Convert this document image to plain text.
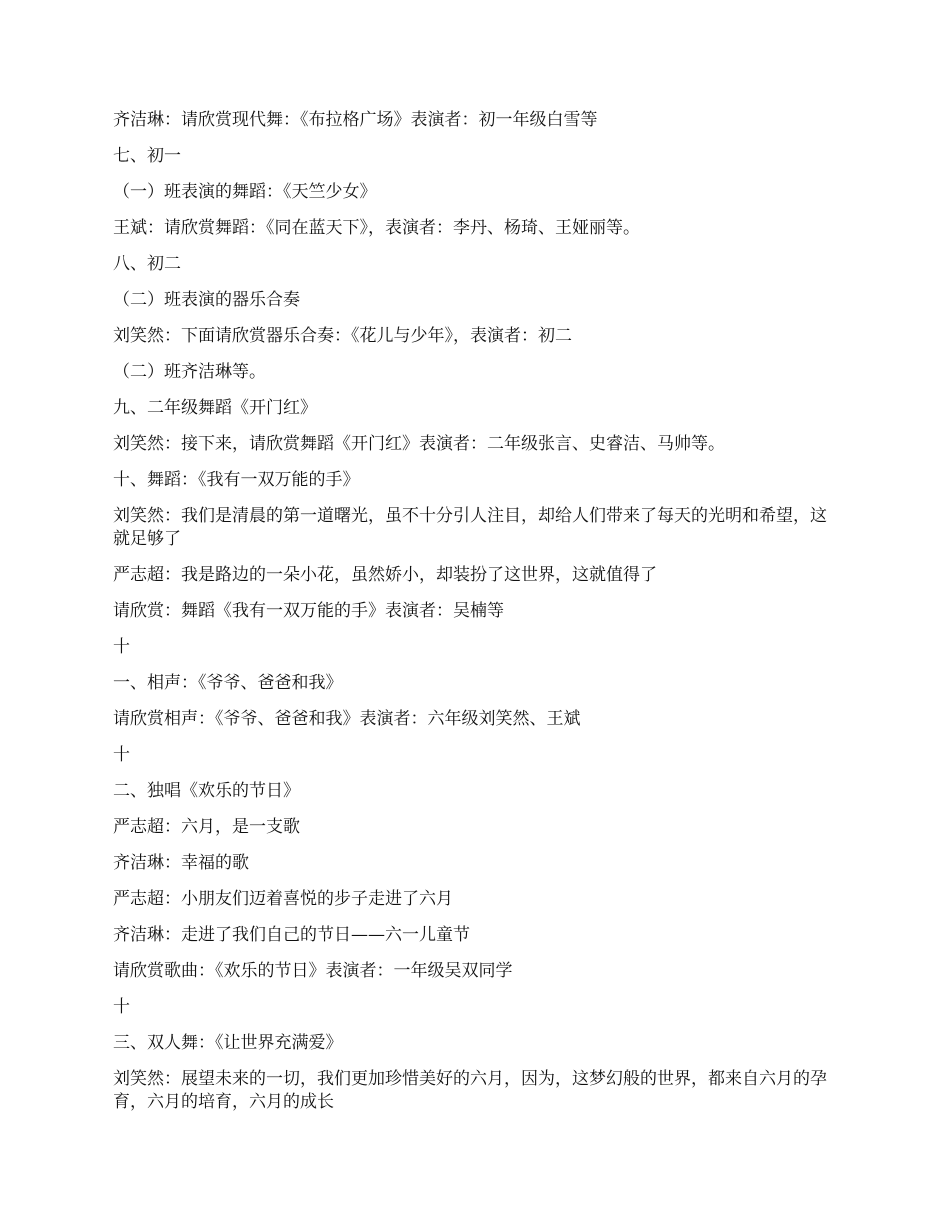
齐洁琳：请欣赏现代舞：《布拉格广场》表演者：初一年级白雪等

七、初一

（一）班表演的舞蹈：《天竺少女》

王斌：请欣赏舞蹈：《同在蓝天下》，表演者：李丹、杨琦、王娅丽等。

八、初二

（二）班表演的器乐合奏

刘笑然：下面请欣赏器乐合奏：《花儿与少年》，表演者：初二

（二）班齐洁琳等。

九、二年级舞蹈《开门红》

刘笑然：接下来，请欣赏舞蹈《开门红》表演者：二年级张言、史睿洁、马帅等。

十、舞蹈：《我有一双万能的手》

刘笑然：我们是清晨的第一道曙光，虽不十分引人注目，却给人们带来了每天的光明和希望，这就足够了

严志超：我是路边的一朵小花，虽然娇小，却装扮了这世界，这就值得了

请欣赏：舞蹈《我有一双万能的手》表演者：吴楠等

十

一、相声：《爷爷、爸爸和我》

请欣赏相声：《爷爷、爸爸和我》表演者：六年级刘笑然、王斌

十

二、独唱《欢乐的节日》

严志超：六月，是一支歌

齐洁琳：幸福的歌

严志超：小朋友们迈着喜悦的步子走进了六月

齐洁琳：走进了我们自己的节日——六一儿童节

请欣赏歌曲：《欢乐的节日》表演者：一年级吴双同学

十

三、双人舞：《让世界充满爱》

刘笑然：展望未来的一切，我们更加珍惜美好的六月，因为，这梦幻般的世界，都来自六月的孕育，六月的培育，六月的成长
